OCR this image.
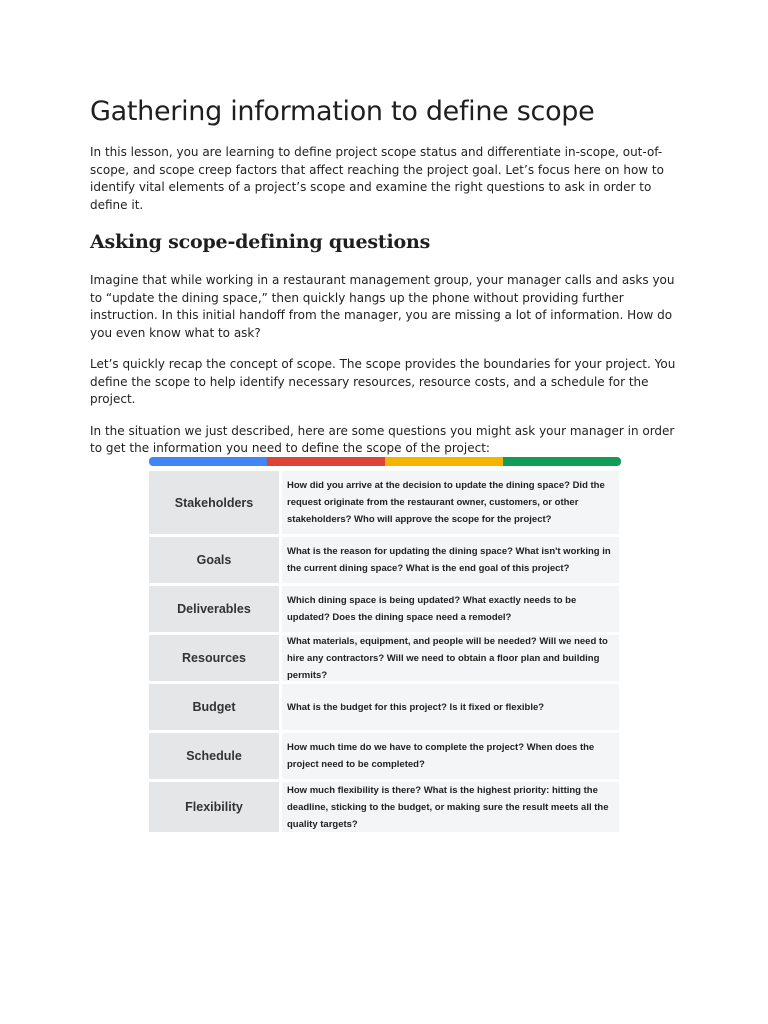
Gathering information to define scope

In this lesson, you are learning to define project scope status and differentiate in-scope, out-of-scope, and scope creep factors that affect reaching the project goal. Let’s focus here on how to identify vital elements of a project’s scope and examine the right questions to ask in order to define it.

Asking scope-defining questions

Imagine that while working in a restaurant management group, your manager calls and asks you to “update the dining space,” then quickly hangs up the phone without providing further instruction. In this initial handoff from the manager, you are missing a lot of information. How do you even know what to ask?

Let’s quickly recap the concept of scope. The scope provides the boundaries for your project. You define the scope to help identify necessary resources, resource costs, and a schedule for the project.

In the situation we just described, here are some questions you might ask your manager in order to get the information you need to define the scope of the project:

Stakeholders
How did you arrive at the decision to update the dining space? Did the request originate from the restaurant owner, customers, or other stakeholders? Who will approve the scope for the project?
Goals
What is the reason for updating the dining space? What isn't working in the current dining space? What is the end goal of this project?
Deliverables
Which dining space is being updated? What exactly needs to be updated? Does the dining space need a remodel?
Resources
What materials, equipment, and people will be needed? Will we need to hire any contractors? Will we need to obtain a floor plan and building permits?
Budget	What is the budget for this project? Is it fixed or flexible?
Schedule
How much time do we have to complete the project? When does the project need to be completed?
Flexibility
How much flexibility is there? What is the highest priority: hitting the deadline, sticking to the budget, or making sure the result meets all the quality targets?
